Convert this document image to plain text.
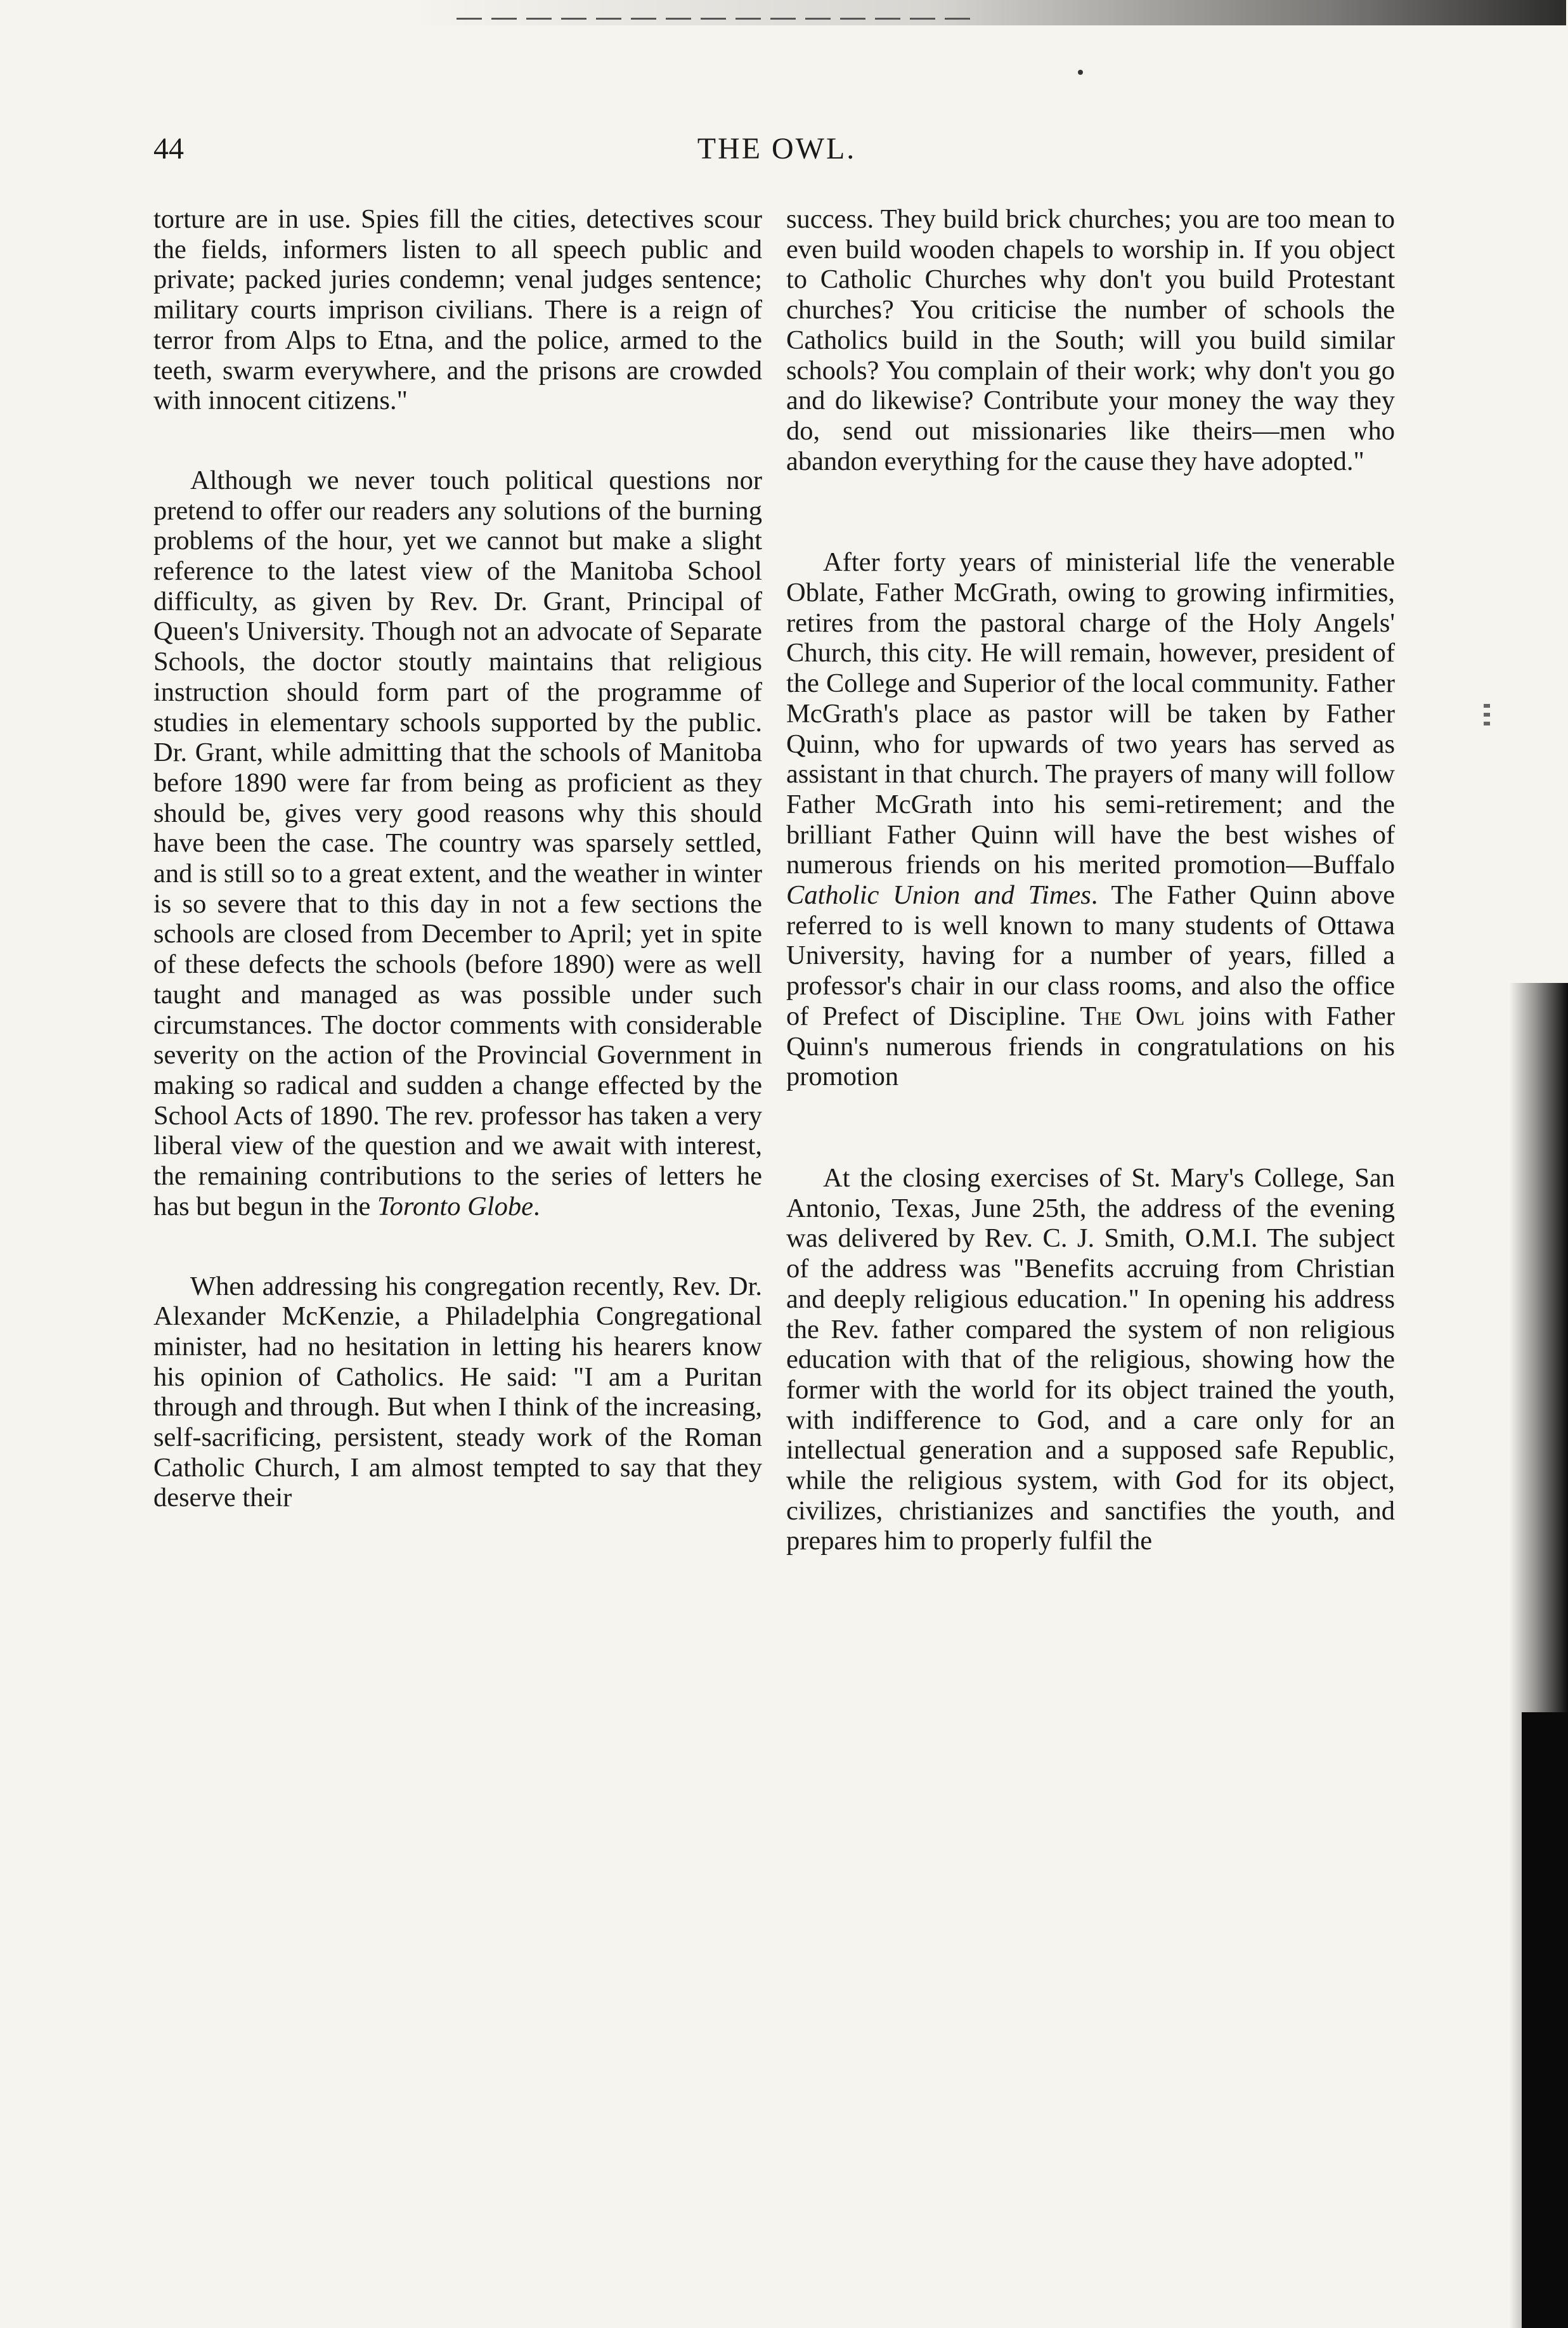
44	THE OWL.

torture are in use. Spies fill the cities, detectives scour the fields, informers listen to all speech public and private; packed juries condemn; venal judges sentence; military courts imprison civilians. There is a reign of terror from Alps to Etna, and the police, armed to the teeth, swarm everywhere, and the prisons are crowded with innocent citizens."

Although we never touch political questions nor pretend to offer our readers any solutions of the burning problems of the hour, yet we cannot but make a slight reference to the latest view of the Manitoba School difficulty, as given by Rev. Dr. Grant, Principal of Queen's University. Though not an advocate of Separate Schools, the doctor stoutly maintains that religious instruction should form part of the programme of studies in elementary schools supported by the public. Dr. Grant, while admitting that the schools of Manitoba before 1890 were far from being as proficient as they should be, gives very good reasons why this should have been the case. The country was sparsely settled, and is still so to a great extent, and the weather in winter is so severe that to this day in not a few sections the schools are closed from December to April; yet in spite of these defects the schools (before 1890) were as well taught and managed as was possible under such circumstances. The doctor comments with considerable severity on the action of the Provincial Government in making so radical and sudden a change effected by the School Acts of 1890. The rev. professor has taken a very liberal view of the question and we await with interest, the remaining contributions to the series of letters he has but begun in the Toronto Globe.

When addressing his congregation recently, Rev. Dr. Alexander McKenzie, a Philadelphia Congregational minister, had no hesitation in letting his hearers know his opinion of Catholics. He said: "I am a Puritan through and through. But when I think of the increasing, self-sacrificing, persistent, steady work of the Roman Catholic Church, I am almost tempted to say that they deserve their

success. They build brick churches; you are too mean to even build wooden chapels to worship in. If you object to Catholic Churches why don't you build Protestant churches? You criticise the number of schools the Catholics build in the South; will you build similar schools? You complain of their work; why don't you go and do likewise? Contribute your money the way they do, send out missionaries like theirs—men who abandon everything for the cause they have adopted."

After forty years of ministerial life the venerable Oblate, Father McGrath, owing to growing infirmities, retires from the pastoral charge of the Holy Angels' Church, this city. He will remain, however, president of the College and Superior of the local community. Father McGrath's place as pastor will be taken by Father Quinn, who for upwards of two years has served as assistant in that church. The prayers of many will follow Father McGrath into his semi-retirement; and the brilliant Father Quinn will have the best wishes of numerous friends on his merited promotion—Buffalo Catholic Union and Times. The Father Quinn above referred to is well known to many students of Ottawa University, having for a number of years, filled a professor's chair in our class rooms, and also the office of Prefect of Discipline. The Owl joins with Father Quinn's numerous friends in congratulations on his promotion

At the closing exercises of St. Mary's College, San Antonio, Texas, June 25th, the address of the evening was delivered by Rev. C. J. Smith, O.M.I. The subject of the address was "Benefits accruing from Christian and deeply religious education." In opening his address the Rev. father compared the system of non religious education with that of the religious, showing how the former with the world for its object trained the youth, with indifference to God, and a care only for an intellectual generation and a supposed safe Republic, while the religious system, with God for its object, civilizes, christianizes and sanctifies the youth, and prepares him to properly fulfil the
